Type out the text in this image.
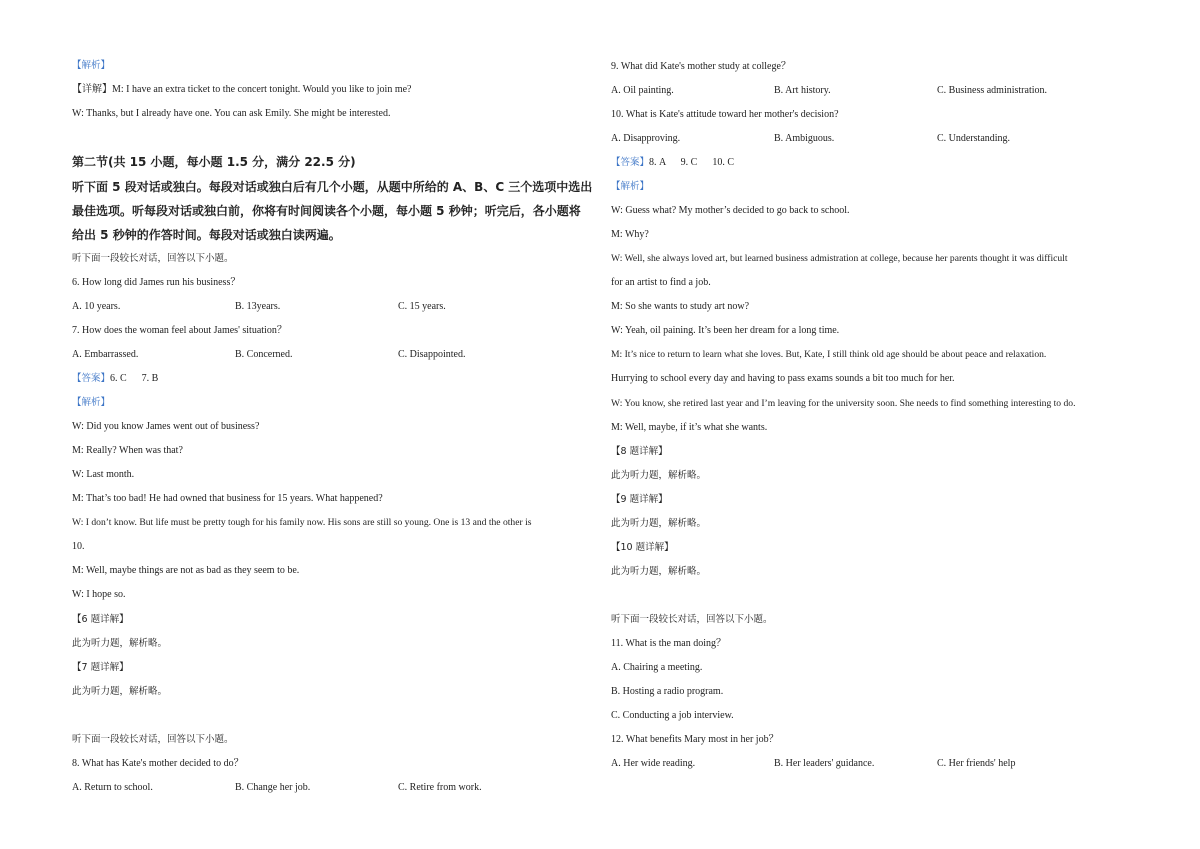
【解析】
【详解】M: I have an extra ticket to the concert tonight. Would you like to join me?
W: Thanks, but I already have one. You can ask Emily. She might be interested.
第二节(共 15 小题，每小题 1.5 分，满分 22.5 分)
听下面 5 段对话或独白。每段对话或独白后有几个小题，从题中所给的 A、B、C 三个选项中选出
最佳选项。听每段对话或独白前，你将有时间阅读各个小题，每小题 5 秒钟；听完后，各小题将
给出 5 秒钟的作答时间。每段对话或独白读两遍。
听下面一段较长对话，回答以下小题。
6. How long did James run his business？
A. 10 years.	B. 13years.	C. 15 years.
7. How does the woman feel about James' situation？
A. Embarrassed.	B. Concerned.	C. Disappointed.
【答案】6. C      7. B
【解析】
W: Did you know James went out of business?
M: Really? When was that?
W: Last month.
M: That’s too bad! He had owned that business for 15 years. What happened?
W: I don’t know. But life must be pretty tough for his family now. His sons are still so young. One is 13 and the other is
10.
M: Well, maybe things are not as bad as they seem to be.
W: I hope so.
【6 题详解】
此为听力题，解析略。
【7 题详解】
此为听力题，解析略。
听下面一段较长对话，回答以下小题。
8. What has Kate's mother decided to do？
A. Return to school.	B. Change her job.	C. Retire from work.
9. What did Kate's mother study at college？
A. Oil painting.	B. Art history.	C. Business administration.
10. What is Kate's attitude toward her mother's decision?
A. Disapproving.	B. Ambiguous.	C. Understanding.
【答案】8. A      9. C      10. C
【解析】
W: Guess what? My mother’s decided to go back to school.
M: Why?
W: Well, she always loved art, but learned business admistration at college, because her parents thought it was difficult
for an artist to find a job.
M: So she wants to study art now?
W: Yeah, oil paining. It’s been her dream for a long time.
M: It’s nice to return to learn what she loves. But, Kate, I still think old age should be about peace and relaxation.
Hurrying to school every day and having to pass exams sounds a bit too much for her.
W: You know, she retired last year and I’m leaving for the university soon. She needs to find something interesting to do.
M: Well, maybe, if it’s what she wants.
【8 题详解】
此为听力题，解析略。
【9 题详解】
此为听力题，解析略。
【10 题详解】
此为听力题，解析略。
听下面一段较长对话，回答以下小题。
11. What is the man doing？
A. Chairing a meeting.
B. Hosting a radio program.
C. Conducting a job interview.
12. What benefits Mary most in her job？
A. Her wide reading.	B. Her leaders' guidance.	C. Her friends' help
